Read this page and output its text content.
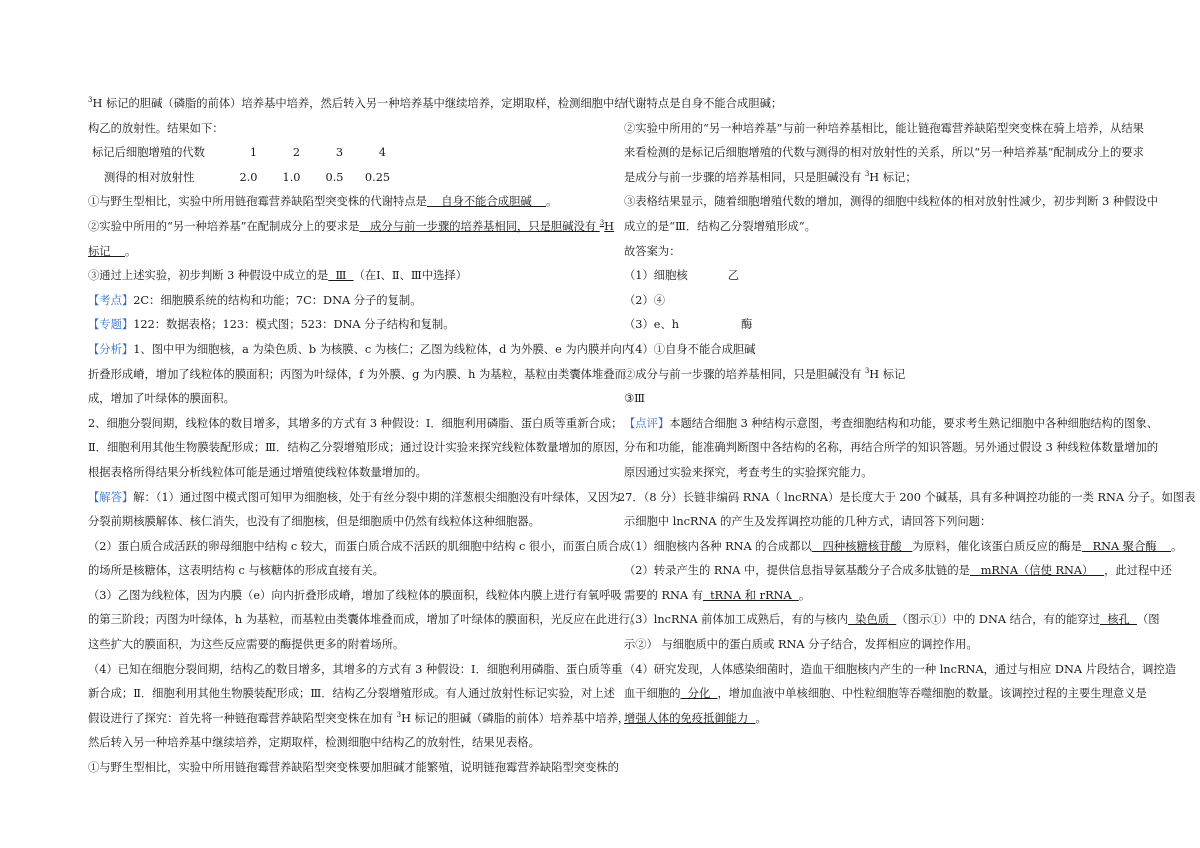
$^3$H 标记的胆碱（磷脂的前体）培养基中培养，然后转入另一种培养基中继续培养，定期取样，检测细胞中结

构乙的放射性。结果如下：

标记后细胞增殖的代数	1	2	3	4
测得的相对放射性	2.0	1.0	0.5	0.25

①与野生型相比，实验中所用链孢霉营养缺陷型突变株的代谢特点是    自身不能合成胆碱    。

②实验中所用的“另一种培养基”在配制成分上的要求是   成分与前一步骤的培养基相同，只是胆碱没有 $^3$H

标记    。

③通过上述实验，初步判断 3 种假设中成立的是  Ⅲ  （在Ⅰ、Ⅱ、Ⅲ中选择）

【考点】2C：细胞膜系统的结构和功能；7C：DNA 分子的复制。

【专题】122：数据表格；123：模式图；523：DNA 分子结构和复制。

【分析】1、图中甲为细胞核，a 为染色质、b 为核膜、c 为核仁；乙图为线粒体，d 为外膜、e 为内膜并向内

折叠形成嵴，增加了线粒体的膜面积；丙图为叶绿体，f 为外膜、g 为内膜、h 为基粒，基粒由类囊体堆叠而

成，增加了叶绿体的膜面积。

2、细胞分裂间期，线粒体的数目增多，其增多的方式有 3 种假设：Ⅰ．细胞利用磷脂、蛋白质等重新合成；

Ⅱ．细胞利用其他生物膜装配形成；Ⅲ．结构乙分裂增殖形成；通过设计实验来探究线粒体数量增加的原因，

根据表格所得结果分析线粒体可能是通过增殖使线粒体数量增加的。

【解答】解：（1）通过图中模式图可知甲为细胞核，处于有丝分裂中期的洋葱根尖细胞没有叶绿体，又因为

分裂前期核膜解体、核仁消失，也没有了细胞核，但是细胞质中仍然有线粒体这种细胞器。

（2）蛋白质合成活跃的卵母细胞中结构 c 较大，而蛋白质合成不活跃的肌细胞中结构 c 很小，而蛋白质合成

的场所是核糖体，这表明结构 c 与核糖体的形成直接有关。

（3）乙图为线粒体，因为内膜（e）向内折叠形成嵴，增加了线粒体的膜面积，线粒体内膜上进行有氧呼吸

的第三阶段；丙图为叶绿体，h 为基粒，而基粒由类囊体堆叠而成，增加了叶绿体的膜面积，光反应在此进行。

这些扩大的膜面积，为这些反应需要的酶提供更多的附着场所。

（4）已知在细胞分裂间期，结构乙的数目增多，其增多的方式有 3 种假设：Ⅰ．细胞利用磷脂、蛋白质等重

新合成；Ⅱ．细胞利用其他生物膜装配形成；Ⅲ．结构乙分裂增殖形成。有人通过放射性标记实验，对上述

假设进行了探究：首先将一种链孢霉营养缺陷型突变株在加有 $^3$H 标记的胆碱（磷脂的前体）培养基中培养，

然后转入另一种培养基中继续培养，定期取样，检测细胞中结构乙的放射性，结果见表格。

①与野生型相比，实验中所用链孢霉营养缺陷型突变株要加胆碱才能繁殖，说明链孢霉营养缺陷型突变株的

代谢特点是自身不能合成胆碱；

②实验中所用的“另一种培养基”与前一种培养基相比，能让链孢霉营养缺陷型突变株在骑上培养，从结果

来看检测的是标记后细胞增殖的代数与测得的相对放射性的关系，所以“另一种培养基”配制成分上的要求

是成分与前一步骤的培养基相同，只是胆碱没有 $^3$H 标记；

③表格结果显示，随着细胞增殖代数的增加，测得的细胞中线粒体的相对放射性减少，初步判断 3 种假设中

成立的是“Ⅲ．结构乙分裂增殖形成”。

故答案为：

（1）细胞核	乙

（2）④

（3）e、h	酶

（4）①自身不能合成胆碱

②成分与前一步骤的培养基相同，只是胆碱没有 $^3$H 标记

③Ⅲ

【点评】本题结合细胞 3 种结构示意图，考查细胞结构和功能，要求考生熟记细胞中各种细胞结构的图象、

分布和功能，能准确判断图中各结构的名称，再结合所学的知识答题。另外通过假设 3 种线粒体数量增加的

原因通过实验来探究，考查考生的实验探究能力。

27．（8 分）长链非编码 RNA（ lncRNA）是长度大于 200 个碱基，具有多种调控功能的一类 RNA 分子。如图表

示细胞中 lncRNA 的产生及发挥调控功能的几种方式，请回答下列问题：

（1）细胞核内各种 RNA 的合成都以   四种核糖核苷酸   为原料，催化该蛋白质反应的酶是   RNA 聚合酶    。

（2）转录产生的 RNA 中，提供信息指导氨基酸分子合成多肽链的是   mRNA（信使 RNA）   ，此过程中还

需要的 RNA 有  tRNA 和 rRNA  。

（3）lncRNA 前体加工成熟后，有的与核内  染色质  （图示①）中的 DNA 结合，有的能穿过  核孔  （图

示②） 与细胞质中的蛋白质或 RNA 分子结合，发挥相应的调控作用。

（4）研究发现，人体感染细菌时，造血干细胞核内产生的一种 lncRNA，通过与相应 DNA 片段结合，调控造

血干细胞的  分化  ，增加血液中单核细胞、中性粒细胞等吞噬细胞的数量。该调控过程的主要生理意义是

增强人体的免疫抵御能力  。
